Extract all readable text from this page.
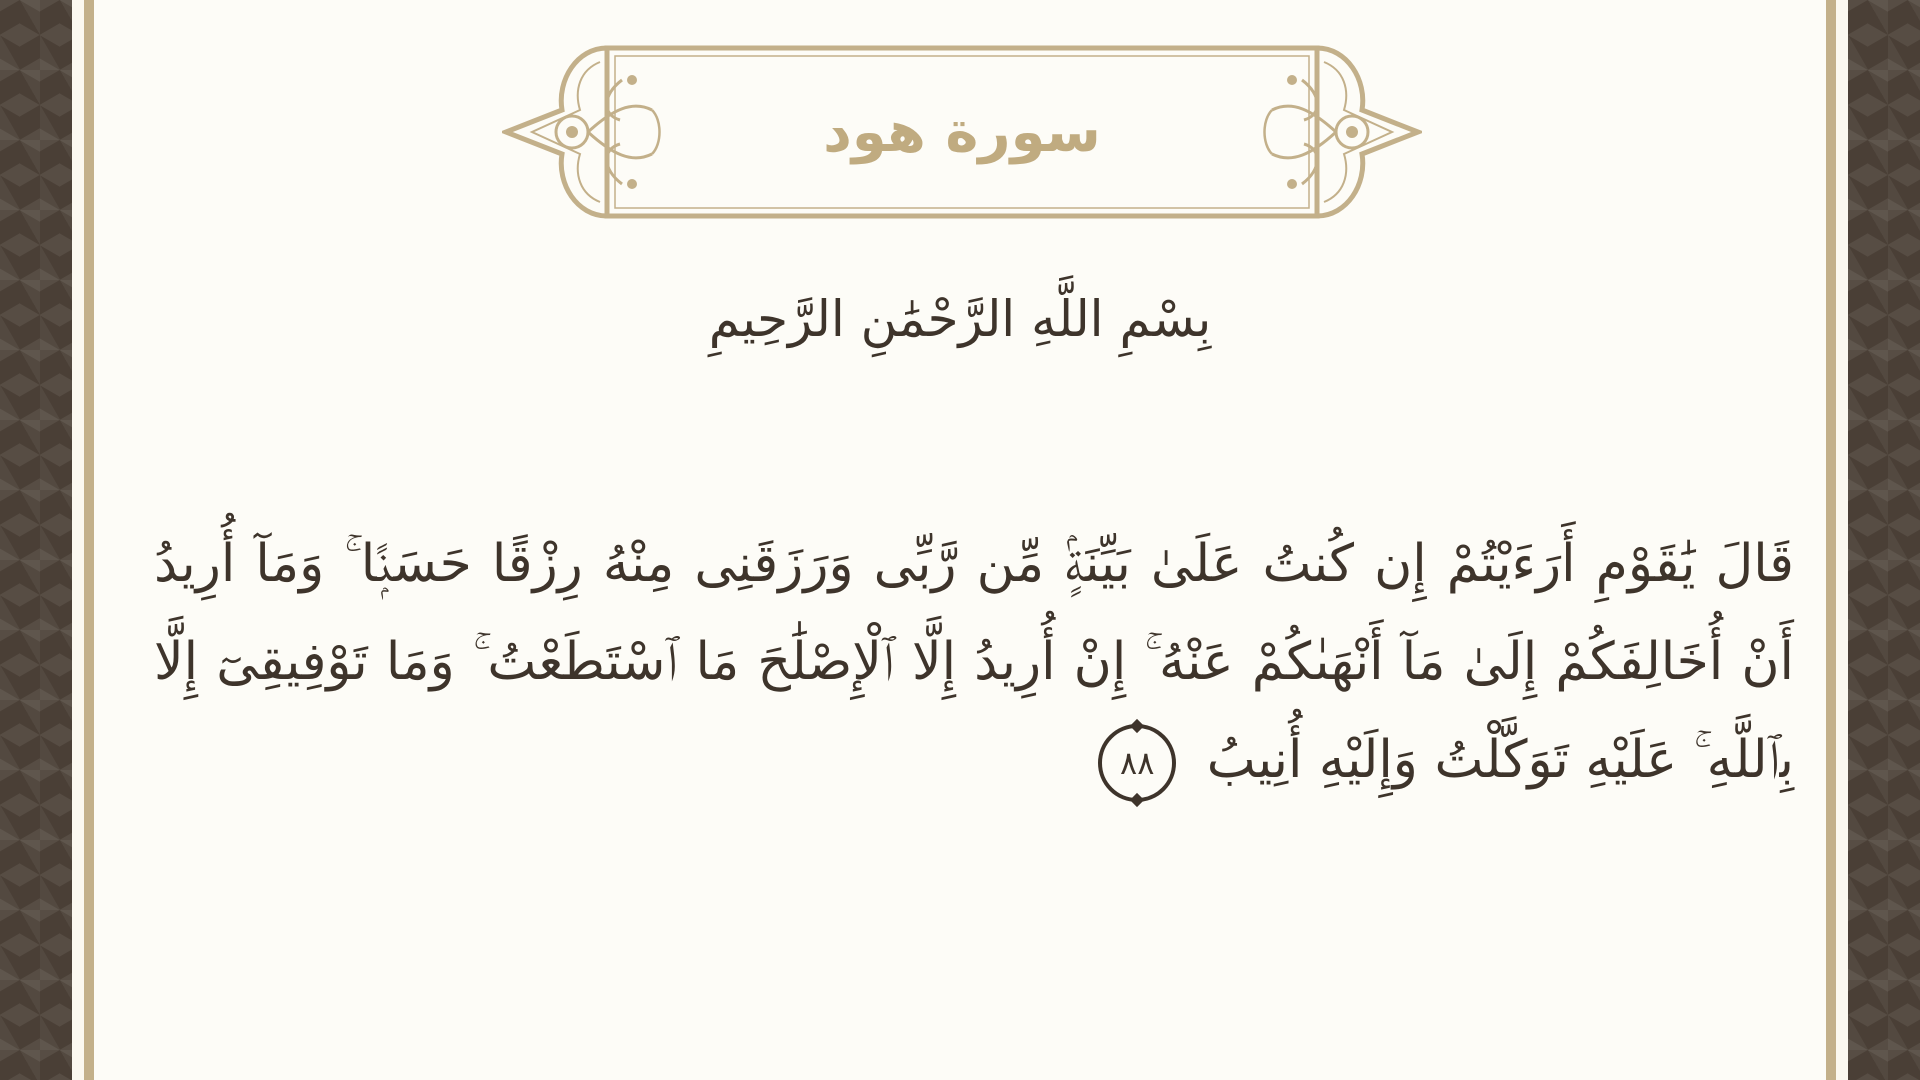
سورة هود
بِسْمِ اللَّهِ الرَّحْمَٰنِ الرَّحِيمِ
قَالَ يَٰقَوْمِ أَرَءَيْتُمْ إِن كُنتُ عَلَىٰ بَيِّنَةٍۢ مِّن رَّبِّى وَرَزَقَنِى مِنْهُ رِزْقًا حَسَنًۭا ۚ وَمَآ أُرِيدُ أَنْ أُخَالِفَكُمْ إِلَىٰ مَآ أَنْهَىٰكُمْ عَنْهُ ۚ إِنْ أُرِيدُ إِلَّا ٱلْإِصْلَٰحَ مَا ٱسْتَطَعْتُ ۚ وَمَا تَوْفِيقِىٓ إِلَّا بِٱللَّهِ ۚ عَلَيْهِ تَوَكَّلْتُ وَإِلَيْهِ أُنِيبُ
٨٨
